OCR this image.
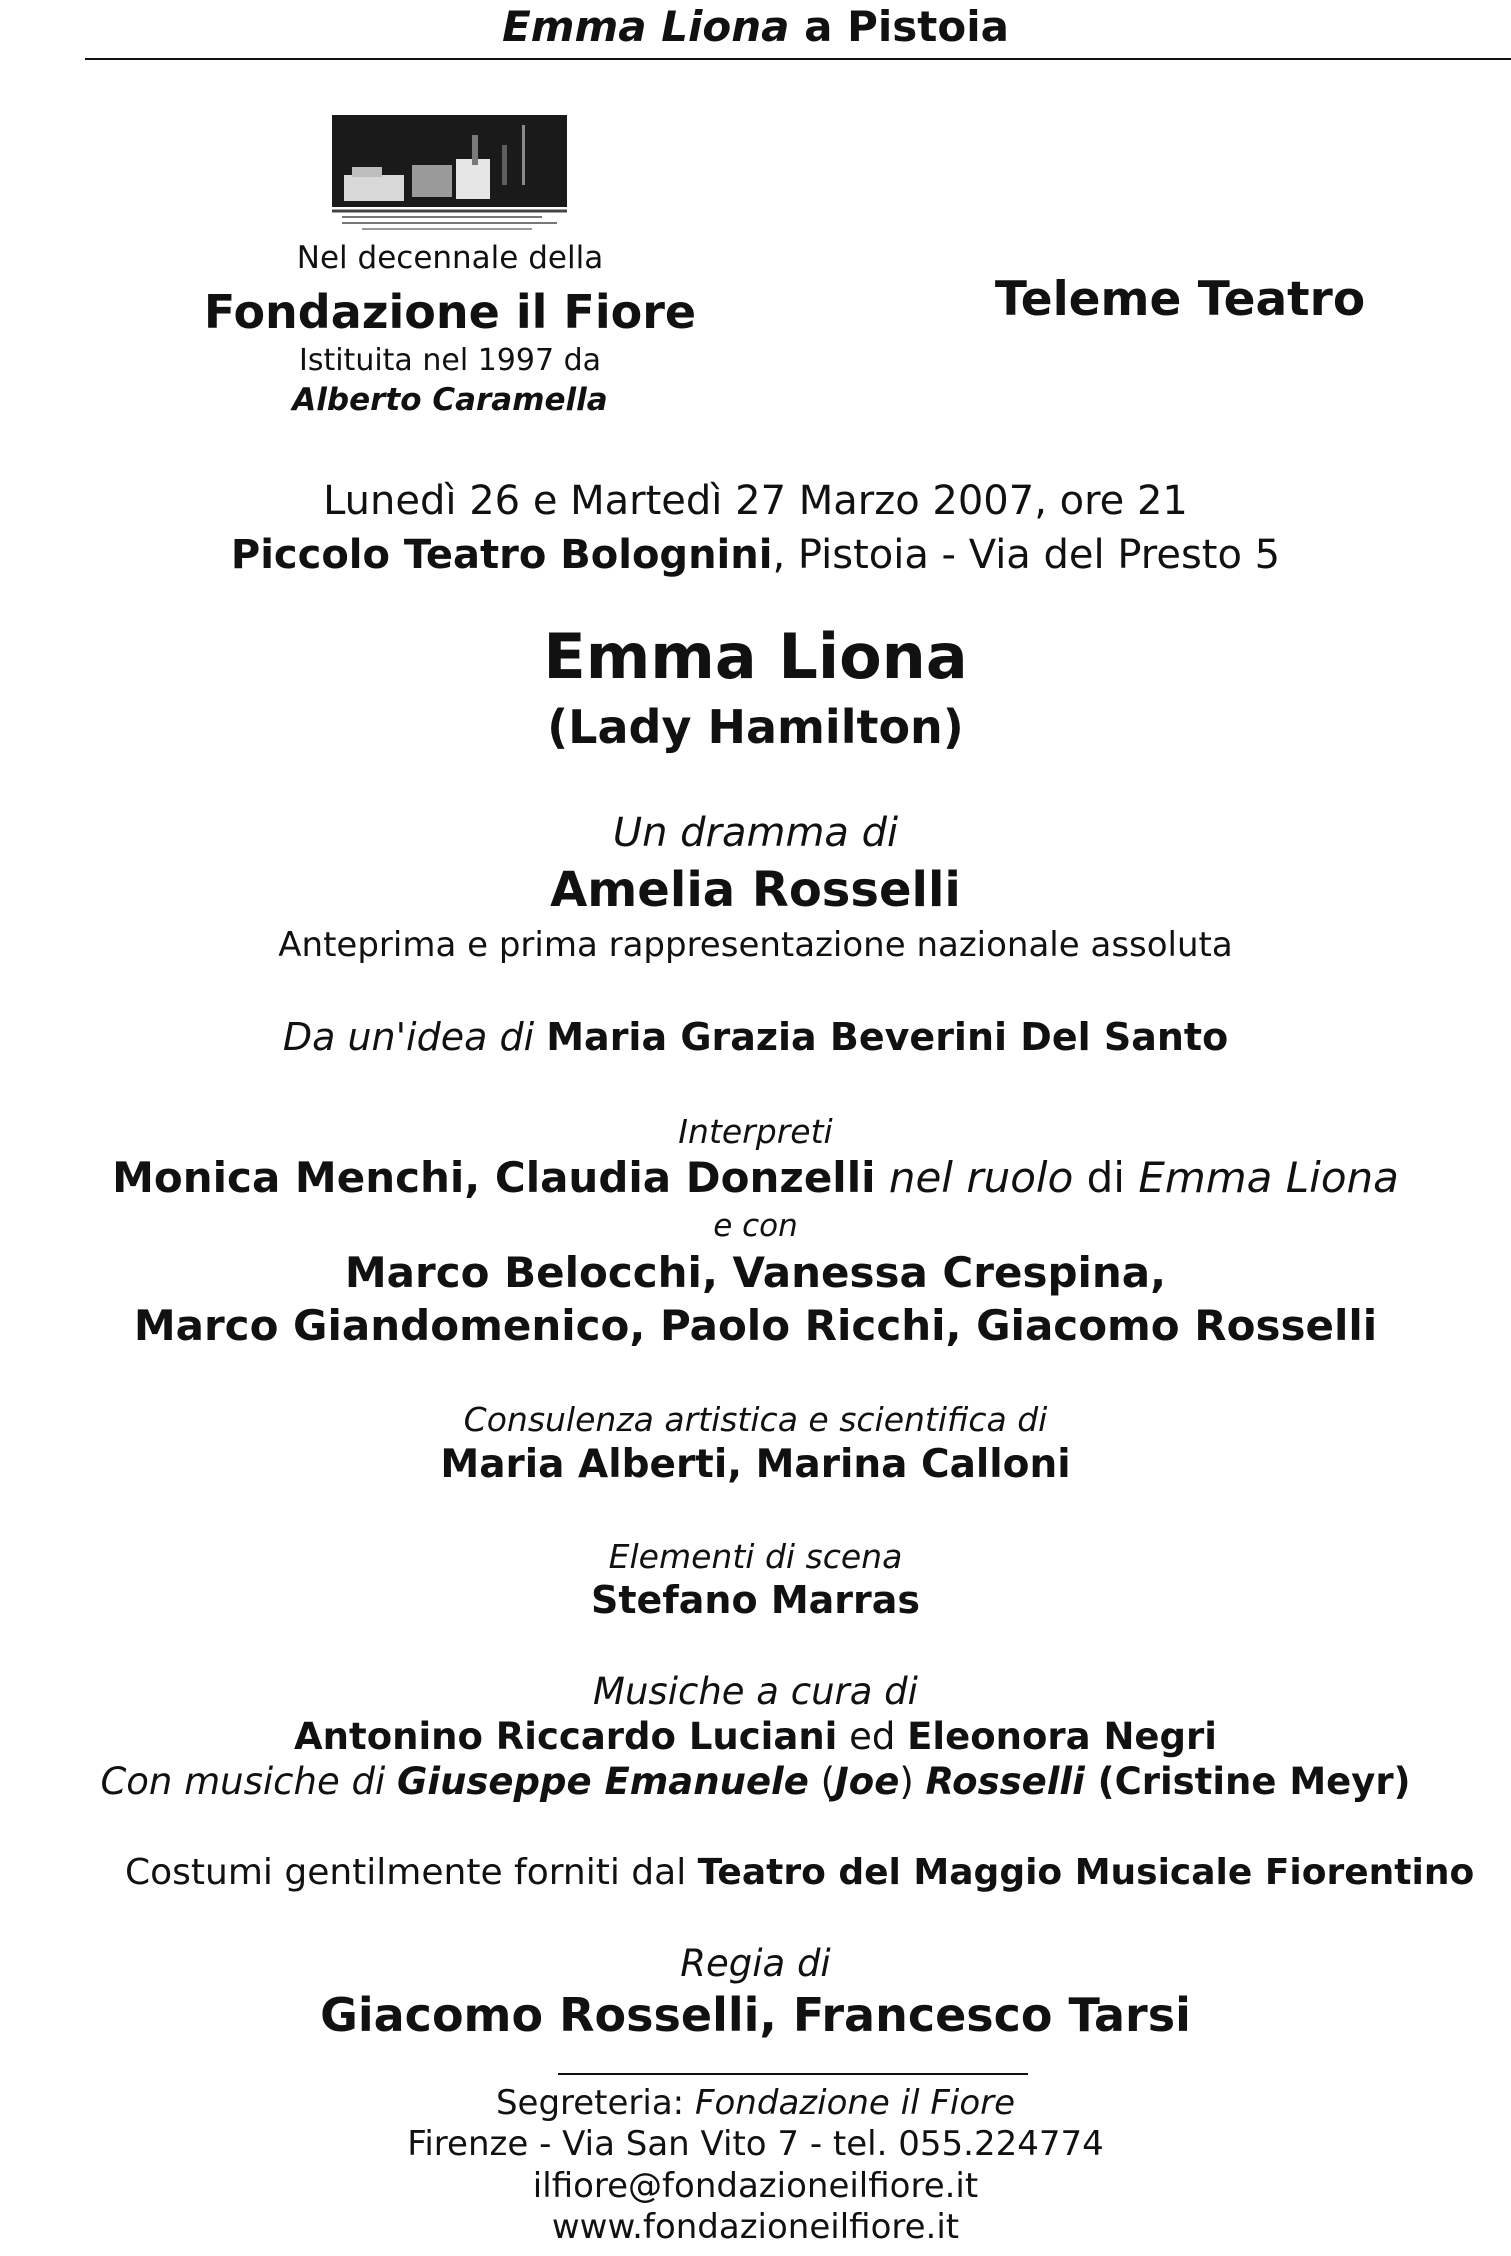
Emma Liona a Pistoia
Nel decennale della
Fondazione il Fiore
Istituita nel 1997 da
Alberto Caramella
Teleme Teatro
Lunedì 26 e Martedì 27 Marzo 2007, ore 21
Piccolo Teatro Bolognini, Pistoia - Via del Presto 5
Emma Liona
(Lady Hamilton)
Un dramma di
Amelia Rosselli
Anteprima e prima rappresentazione nazionale assoluta
Da un'idea di Maria Grazia Beverini Del Santo
Interpreti
Monica Menchi, Claudia Donzelli nel ruolo di Emma Liona
e con
Marco Belocchi, Vanessa Crespina,
Marco Giandomenico, Paolo Ricchi, Giacomo Rosselli
Consulenza artistica e scientifica di
Maria Alberti, Marina Calloni
Elementi di scena
Stefano Marras
Musiche a cura di
Antonino Riccardo Luciani ed Eleonora Negri
Con musiche di Giuseppe Emanuele (Joe) Rosselli (Cristine Meyr)
Costumi gentilmente forniti dal Teatro del Maggio Musicale Fiorentino
Regia di
Giacomo Rosselli, Francesco Tarsi
Segreteria: Fondazione il Fiore
Firenze - Via San Vito 7 - tel. 055.224774
ilfiore@fondazioneilfiore.it
www.fondazioneilfiore.it
